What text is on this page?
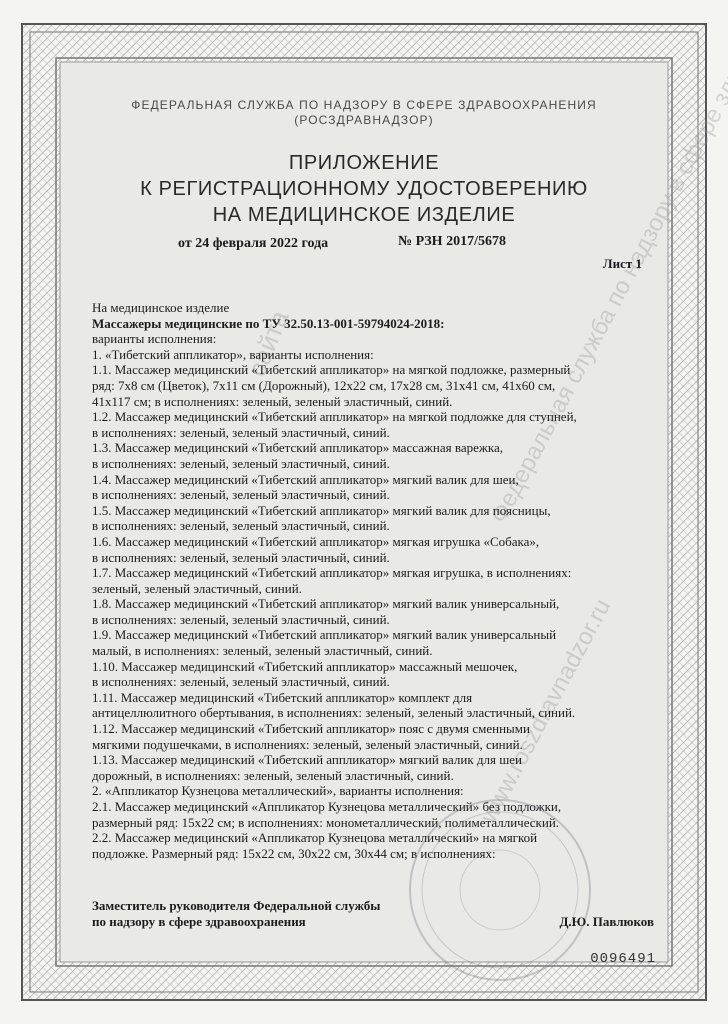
сайта
Федеральная служба по надзору в сфере
www.roszdravnadzor.ru
ФЕДЕРАЛЬНАЯ СЛУЖБА ПО НАДЗОРУ В СФЕРЕ ЗДРАВООХРАНЕНИЯ
(РОСЗДРАВНАДЗОР)
ПРИЛОЖЕНИЕ
К РЕГИСТРАЦИОННОМУ УДОСТОВЕРЕНИЮ
НА МЕДИЦИНСКОЕ ИЗДЕЛИЕ
от 24 февраля 2022 года	№ РЗН 2017/5678
Лист 1
На медицинское изделие
Массажеры медицинские по ТУ 32.50.13-001-59794024-2018:
варианты исполнения:
1. «Тибетский аппликатор», варианты исполнения:
1.1. Массажер медицинский «Тибетский аппликатор» на мягкой подложке, размерный
ряд: 7х8 см (Цветок), 7х11 см (Дорожный), 12х22 см, 17х28 см, 31х41 см, 41х60 см,
41х117 см; в исполнениях: зеленый, зеленый эластичный, синий.
1.2. Массажер медицинский «Тибетский аппликатор» на мягкой подложке для ступней,
в исполнениях: зеленый, зеленый эластичный, синий.
1.3. Массажер медицинский «Тибетский аппликатор» массажная варежка,
в исполнениях: зеленый, зеленый эластичный, синий.
1.4. Массажер медицинский «Тибетский аппликатор» мягкий валик для шеи,
в исполнениях: зеленый, зеленый эластичный, синий.
1.5. Массажер медицинский «Тибетский аппликатор» мягкий валик для поясницы,
в исполнениях: зеленый, зеленый эластичный, синий.
1.6. Массажер медицинский «Тибетский аппликатор» мягкая игрушка «Собака»,
в исполнениях: зеленый, зеленый эластичный, синий.
1.7. Массажер медицинский «Тибетский аппликатор» мягкая игрушка, в исполнениях:
зеленый, зеленый эластичный, синий.
1.8. Массажер медицинский «Тибетский аппликатор» мягкий валик универсальный,
в исполнениях: зеленый, зеленый эластичный, синий.
1.9. Массажер медицинский «Тибетский аппликатор» мягкий валик универсальный
малый, в исполнениях: зеленый, зеленый эластичный, синий.
1.10. Массажер медицинский «Тибетский аппликатор» массажный мешочек,
в исполнениях: зеленый, зеленый эластичный, синий.
1.11. Массажер медицинский «Тибетский аппликатор» комплект для
антицеллюлитного обертывания, в исполнениях: зеленый, зеленый эластичный, синий.
1.12. Массажер медицинский «Тибетский аппликатор» пояс с двумя сменными
мягкими подушечками, в исполнениях: зеленый, зеленый эластичный, синий.
1.13. Массажер медицинский «Тибетский аппликатор» мягкий валик для шеи
дорожный, в исполнениях: зеленый, зеленый эластичный, синий.
2. «Аппликатор Кузнецова металлический», варианты исполнения:
2.1. Массажер медицинский «Аппликатор Кузнецова металлический» без подложки,
размерный ряд: 15х22 см; в исполнениях: монометаллический, полиметаллический.
2.2. Массажер медицинский «Аппликатор Кузнецова металлический» на мягкой
подложке. Размерный ряд: 15х22 см, 30х22 см, 30х44 см; в исполнениях:
Заместитель руководителя Федеральной службы
по надзору в сфере здравоохранения	Д.Ю. Павлюков
0096491
